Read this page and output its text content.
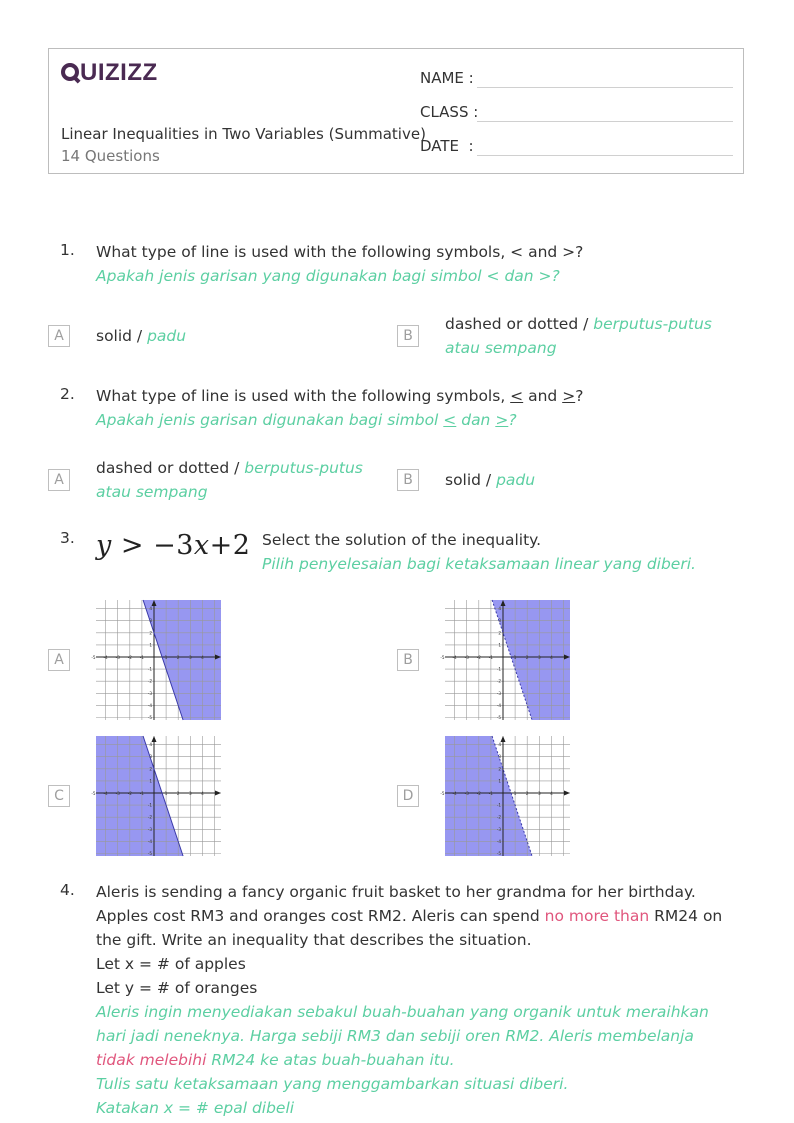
UIZIZZ
Linear Inequalities in Two Variables (Summative)
14 Questions
NAME :
CLASS :
DATE  :
1. What type of line is used with the following symbols, < and >?
Apakah jenis garisan yang digunakan bagi simbol < dan >?
A	solid / padu	B
dashed or dotted / berputus-putus atau sempang
2. What type of line is used with the following symbols, < and >?
Apakah jenis garisan digunakan bagi simbol < dan >?
A
dashed or dotted / berputus-putus atau sempang
B	solid / padu
3. y > −3x+2 Select the solution of the inequality.
Pilih penyelesaian bagi ketaksamaan linear yang diberi.
A	-5 -4 -3 -2 -1	1 2 3 4
4
3
2
1
-1
-2
-3
-4
-5
B	-5 -4 -3 -2 -1	1 2 3 4
4
3
2
1
-1
-2
-3
-4
-5
C	-5 -4 -3 -2 -1	1 2 3 4
4
3
2
1
-1
-2
-3
-4
-5
D	-5 -4 -3 -2 -1	1 2 3 4
4
3
2
1
-1
-2
-3
-4
-5
4. Aleris is sending a fancy organic fruit basket to her grandma for her birthday. Apples cost RM3 and oranges cost RM2. Aleris can spend no more than RM24 on the gift. Write an inequality that describes the situation.
Let x = # of apples
Let y = # of oranges
Aleris ingin menyediakan sebakul buah-buahan yang organik untuk meraihkan hari jadi neneknya. Harga sebiji RM3 dan sebiji oren RM2. Aleris membelanja tidak melebihi RM24 ke atas buah-buahan itu.
Tulis satu ketaksamaan yang menggambarkan situasi diberi.
Katakan x = # epal dibeli
